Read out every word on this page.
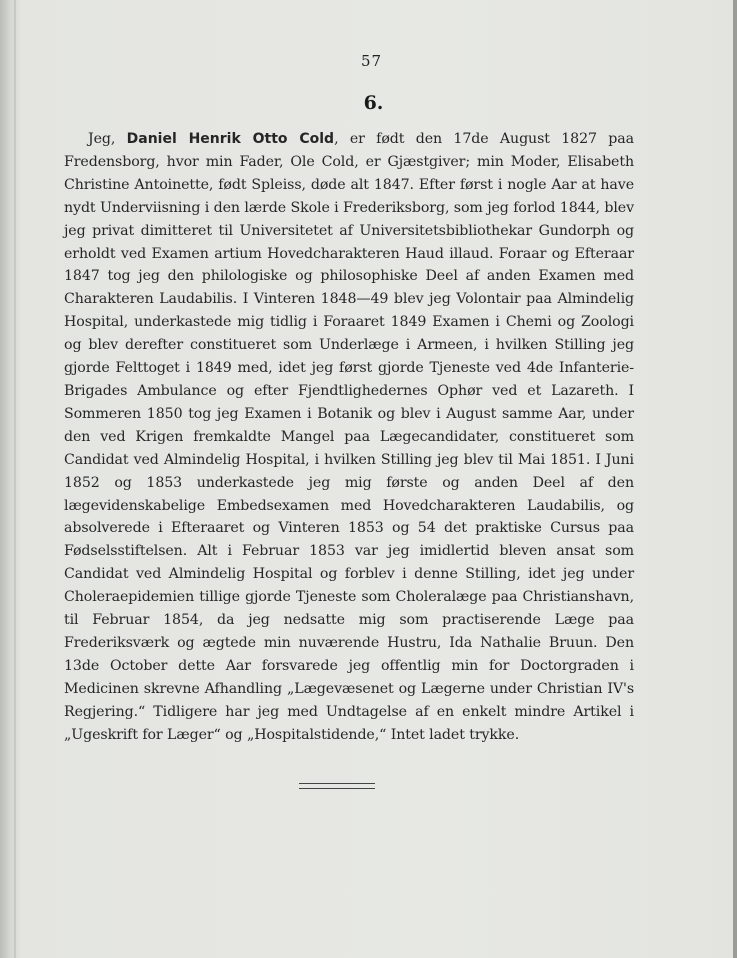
57
6.

Jeg, Daniel Henrik Otto Cold, er født den 17de August 1827 paa Fredensborg, hvor min Fader, Ole Cold, er Gjæstgiver; min Moder, Elisabeth Christine Antoinette, født Spleiss, døde alt 1847. Efter først i nogle Aar at have nydt Underviisning i den lærde Skole i Frederiksborg, som jeg forlod 1844, blev jeg privat dimitteret til Universitetet af Universitetsbibliothekar Gundorph og erholdt ved Examen artium Hovedcharakteren Haud illaud. Foraar og Efteraar 1847 tog jeg den philologiske og philosophiske Deel af anden Examen med Charakteren Laudabilis. I Vinteren 1848—49 blev jeg Volontair paa Almindelig Hospital, underkastede mig tidlig i Foraaret 1849 Examen i Chemi og Zoologi og blev derefter constitueret som Underlæge i Armeen, i hvilken Stilling jeg gjorde Felttoget i 1849 med, idet jeg først gjorde Tjeneste ved 4de Infanterie-Brigades Ambulance og efter Fjendtlighedernes Ophør ved et Lazareth. I Sommeren 1850 tog jeg Examen i Botanik og blev i August samme Aar, under den ved Krigen fremkaldte Mangel paa Lægecandidater, constitueret som Candidat ved Almindelig Hospital, i hvilken Stilling jeg blev til Mai 1851. I Juni 1852 og 1853 underkastede jeg mig første og anden Deel af den lægevidenskabelige Embedsexamen med Hovedcharakteren Laudabilis, og absolverede i Efteraaret og Vinteren 1853 og 54 det praktiske Cursus paa Fødselsstiftelsen. Alt i Februar 1853 var jeg imidlertid bleven ansat som Candidat ved Almindelig Hospital og forblev i denne Stilling, idet jeg under Choleraepidemien tillige gjorde Tjeneste som Choleralæge paa Christianshavn, til Februar 1854, da jeg nedsatte mig som practiserende Læge paa Frederiksværk og ægtede min nuværende Hustru, Ida Nathalie Bruun. Den 13de October dette Aar forsvarede jeg offentlig min for Doctorgraden i Medicinen skrevne Afhandling „Lægevæsenet og Lægerne under Christian IV's Regjering.“ Tidligere har jeg med Undtagelse af en enkelt mindre Artikel i „Ugeskrift for Læger“ og „Hospitalstidende,“ Intet ladet trykke.
